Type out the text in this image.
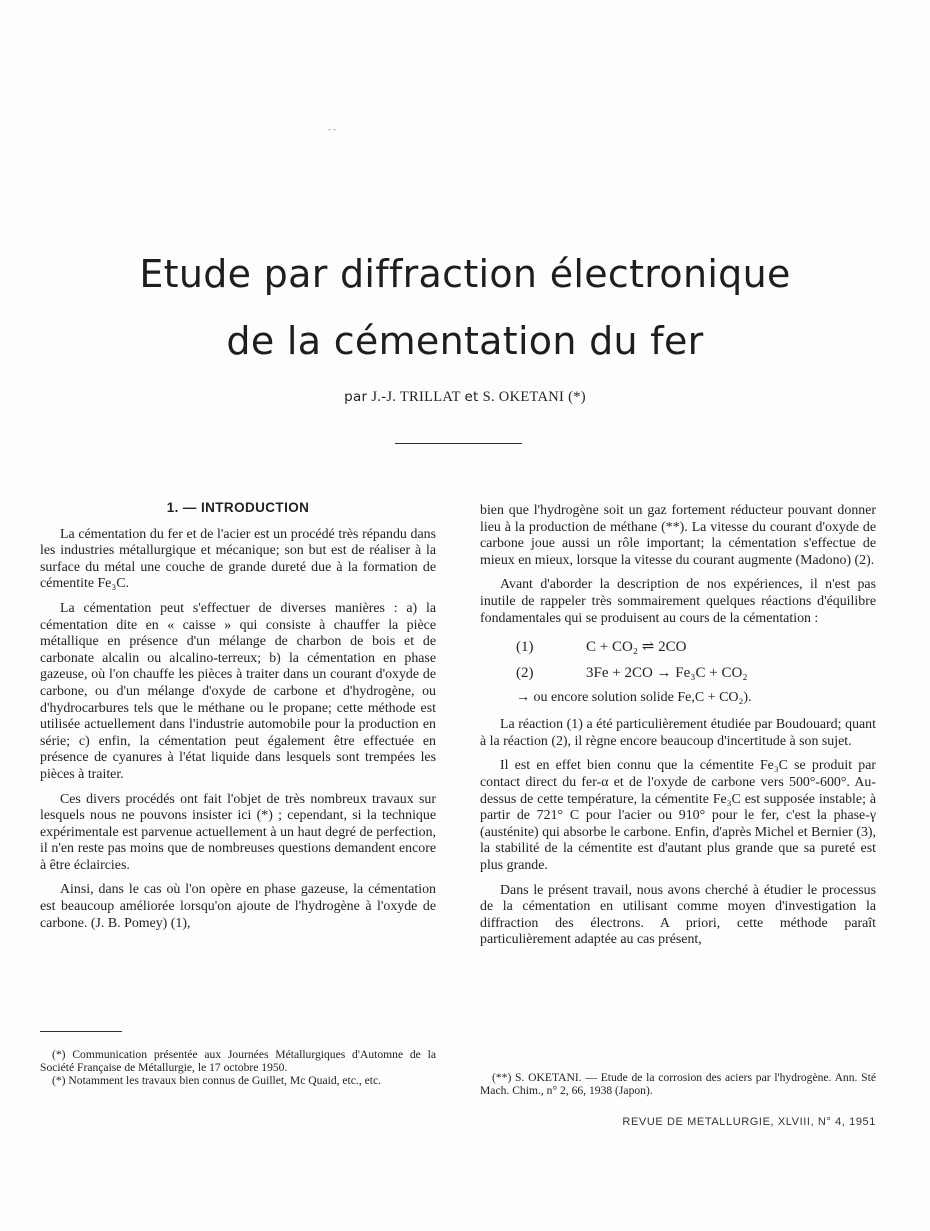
- -
Etude par diffraction électronique
de la cémentation du fer
par J.-J. TRILLAT et S. OKETANI (*)
1. — INTRODUCTION

La cémentation du fer et de l'acier est un procédé très répandu dans les industries métallurgique et mécanique; son but est de réaliser à la surface du métal une couche de grande dureté due à la formation de cémentite Fe₃C.

La cémentation peut s'effectuer de diverses manières : a) la cémentation dite en « caisse » qui consiste à chauffer la pièce métallique en présence d'un mélange de charbon de bois et de carbonate alcalin ou alcalino-terreux; b) la cémentation en phase gazeuse, où l'on chauffe les pièces à traiter dans un courant d'oxyde de carbone, ou d'un mélange d'oxyde de carbone et d'hydrogène, ou d'hydrocarbures tels que le méthane ou le propane; cette méthode est utilisée actuellement dans l'industrie automobile pour la production en série; c) enfin, la cémentation peut également être effectuée en présence de cyanures à l'état liquide dans lesquels sont trempées les pièces à traiter.

Ces divers procédés ont fait l'objet de très nombreux travaux sur lesquels nous ne pouvons insister ici (*) ; cependant, si la technique expérimentale est parvenue actuellement à un haut degré de perfection, il n'en reste pas moins que de nombreuses questions demandent encore à être éclaircies.

Ainsi, dans le cas où l'on opère en phase gazeuse, la cémentation est beaucoup améliorée lorsqu'on ajoute de l'hydrogène à l'oxyde de carbone. (J. B. Pomey) (1),

bien que l'hydrogène soit un gaz fortement réducteur pouvant donner lieu à la production de méthane (**). La vitesse du courant d'oxyde de carbone joue aussi un rôle important; la cémentation s'effectue de mieux en mieux, lorsque la vitesse du courant augmente (Madono) (2).

Avant d'aborder la description de nos expériences, il n'est pas inutile de rappeler très sommairement quelques réactions d'équilibre fondamentales qui se produisent au cours de la cémentation :

(1)	C + CO₂ ⇌ 2CO
(2)	3Fe + 2CO → Fe₃C + CO₂
→ ou encore solution solide Fe,C + CO₂).

La réaction (1) a été particulièrement étudiée par Boudouard; quant à la réaction (2), il règne encore beaucoup d'incertitude à son sujet.

Il est en effet bien connu que la cémentite Fe₃C se produit par contact direct du fer-α et de l'oxyde de carbone vers 500°-600°. Au-dessus de cette température, la cémentite Fe₃C est supposée instable; à partir de 721° C pour l'acier ou 910° pour le fer, c'est la phase-γ (austénite) qui absorbe le carbone. Enfin, d'après Michel et Bernier (3), la stabilité de la cémentite est d'autant plus grande que sa pureté est plus grande.

Dans le présent travail, nous avons cherché à étudier le processus de la cémentation en utilisant comme moyen d'investigation la diffraction des électrons. A priori, cette méthode paraît particulièrement adaptée au cas présent,

(*) Communication présentée aux Journées Métallurgiques d'Automne de la Société Française de Métallurgie, le 17 octobre 1950.

(*) Notamment les travaux bien connus de Guillet, Mc Quaid, etc., etc.	(**) S. OKETANI. — Etude de la corrosion des aciers par l'hydrogène. Ann. Sté Mach. Chim., n° 2, 66, 1938 (Japon).

REVUE DE METALLURGIE, XLVIII, N° 4, 1951
